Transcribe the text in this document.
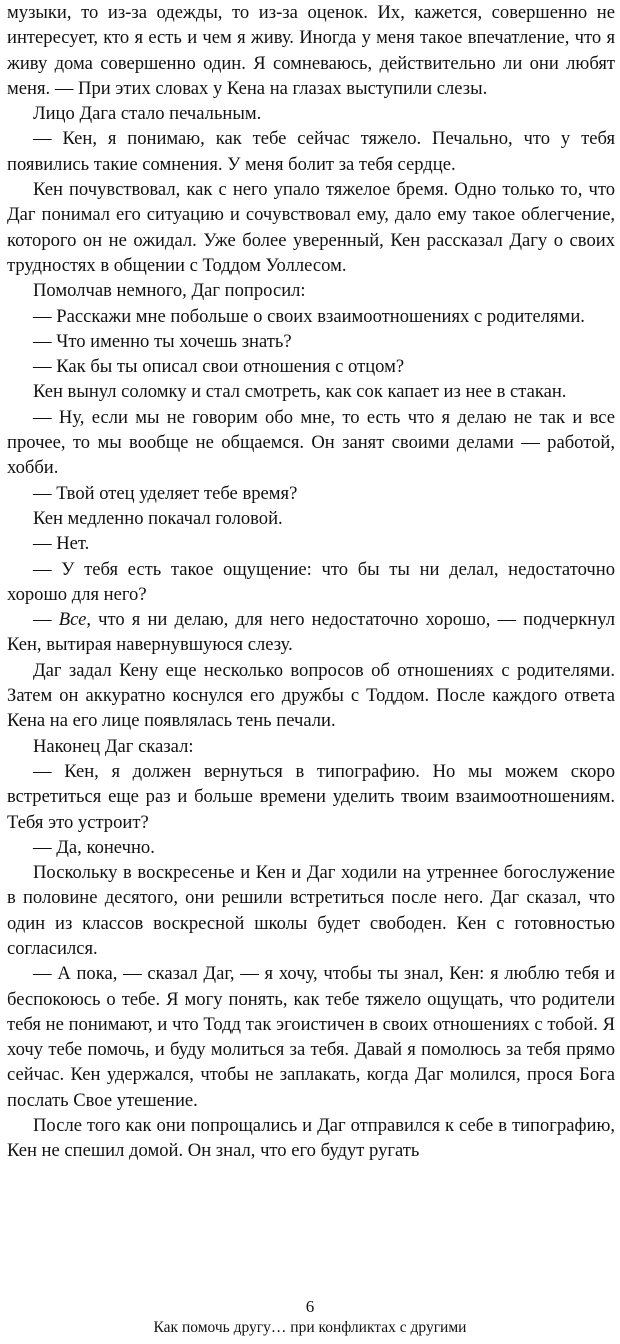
музыки, то из-за одежды, то из-за оценок. Их, кажется, совершенно не интересует, кто я есть и чем я живу. Иногда у меня такое впечатление, что я живу дома совершенно один. Я сомневаюсь, действительно ли они любят меня. — При этих словах у Кена на глазах выступили слезы.

Лицо Дага стало печальным.

— Кен, я понимаю, как тебе сейчас тяжело. Печально, что у тебя появились такие сомнения. У меня болит за тебя сердце.

Кен почувствовал, как с него упало тяжелое бремя. Одно только то, что Даг понимал его ситуацию и сочувствовал ему, дало ему такое облегчение, которого он не ожидал. Уже более уверенный, Кен рассказал Дагу о своих трудностях в общении с Тоддом Уоллесом.

Помолчав немного, Даг попросил:

— Расскажи мне побольше о своих взаимоотношениях с родителями.

— Что именно ты хочешь знать?

— Как бы ты описал свои отношения с отцом?

Кен вынул соломку и стал смотреть, как сок капает из нее в стакан.

— Ну, если мы не говорим обо мне, то есть что я делаю не так и все прочее, то мы вообще не общаемся. Он занят своими делами — работой, хобби.

— Твой отец уделяет тебе время?

Кен медленно покачал головой.

— Нет.

— У тебя есть такое ощущение: что бы ты ни делал, недостаточно хорошо для него?

— Все, что я ни делаю, для него недостаточно хорошо, — подчеркнул Кен, вытирая навернувшуюся слезу.

Даг задал Кену еще несколько вопросов об отношениях с родителями. Затем он аккуратно коснулся его дружбы с Тоддом. После каждого ответа Кена на его лице появлялась тень печали.

Наконец Даг сказал:

— Кен, я должен вернуться в типографию. Но мы можем скоро встретиться еще раз и больше времени уделить твоим взаимоотношениям. Тебя это устроит?

— Да, конечно.

Поскольку в воскресенье и Кен и Даг ходили на утреннее богослужение в половине десятого, они решили встретиться после него. Даг сказал, что один из классов воскресной школы будет свободен. Кен с готовностью согласился.

— А пока, — сказал Даг, — я хочу, чтобы ты знал, Кен: я люблю тебя и беспокоюсь о тебе. Я могу понять, как тебе тяжело ощущать, что родители тебя не понимают, и что Тодд так эгоистичен в своих отношениях с тобой. Я хочу тебе помочь, и буду молиться за тебя. Давай я помолюсь за тебя прямо сейчас. Кен удержался, чтобы не заплакать, когда Даг молился, прося Бога послать Свое утешение.

После того как они попрощались и Даг отправился к себе в типографию, Кен не спешил домой. Он знал, что его будут ругать

6
Как помочь другу… при конфликтах с другими
